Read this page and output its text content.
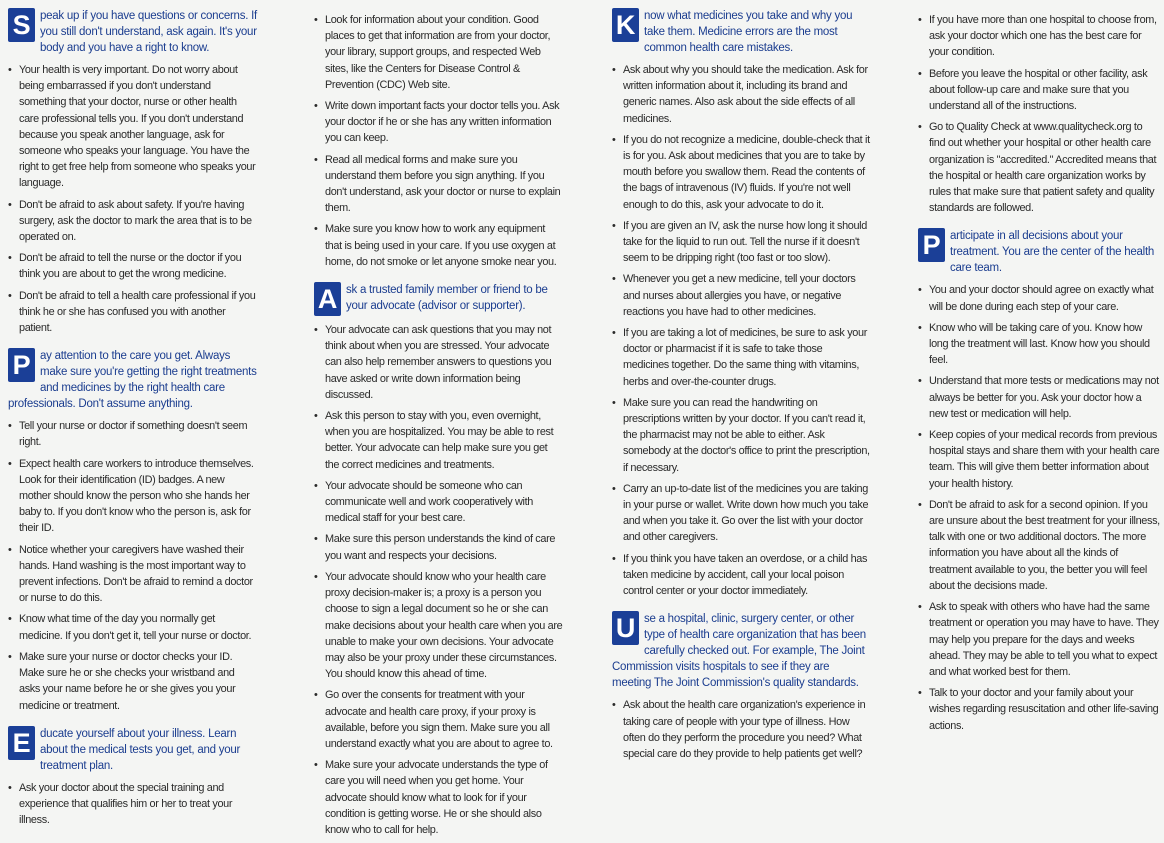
S peak up if you have questions or concerns. If you still don't understand, ask again. It's your body and you have a right to know.
• Your health is very important. Do not worry about being embarrassed if you don't understand something that your doctor, nurse or other health care professional tells you. If you don't understand because you speak another language, ask for someone who speaks your language. You have the right to get free help from someone who speaks your language.
• Don't be afraid to ask about safety. If you're having surgery, ask the doctor to mark the area that is to be operated on.
• Don't be afraid to tell the nurse or the doctor if you think you are about to get the wrong medicine.
• Don't be afraid to tell a health care professional if you think he or she has confused you with another patient.
P ay attention to the care you get. Always make sure you're getting the right treatments and medicines by the right health care professionals. Don't assume anything.
• Tell your nurse or doctor if something doesn't seem right.
• Expect health care workers to introduce themselves. Look for their identification (ID) badges. A new mother should know the person who she hands her baby to. If you don't know who the person is, ask for their ID.
• Notice whether your caregivers have washed their hands. Hand washing is the most important way to prevent infections. Don't be afraid to remind a doctor or nurse to do this.
• Know what time of the day you normally get medicine. If you don't get it, tell your nurse or doctor.
• Make sure your nurse or doctor checks your ID. Make sure he or she checks your wristband and asks your name before he or she gives you your medicine or treatment.
E ducate yourself about your illness. Learn about the medical tests you get, and your treatment plan.
• Ask your doctor about the special training and experience that qualifies him or her to treat your illness.
• Look for information about your condition. Good places to get that information are from your doctor, your library, support groups, and respected Web sites, like the Centers for Disease Control & Prevention (CDC) Web site.
• Write down important facts your doctor tells you. Ask your doctor if he or she has any written information you can keep.
• Read all medical forms and make sure you understand them before you sign anything. If you don't understand, ask your doctor or nurse to explain them.
• Make sure you know how to work any equipment that is being used in your care. If you use oxygen at home, do not smoke or let anyone smoke near you.
A sk a trusted family member or friend to be your advocate (advisor or supporter).
• Your advocate can ask questions that you may not think about when you are stressed. Your advocate can also help remember answers to questions you have asked or write down information being discussed.
• Ask this person to stay with you, even overnight, when you are hospitalized. You may be able to rest better. Your advocate can help make sure you get the correct medicines and treatments.
• Your advocate should be someone who can communicate well and work cooperatively with medical staff for your best care.
• Make sure this person understands the kind of care you want and respects your decisions.
• Your advocate should know who your health care proxy decision-maker is; a proxy is a person you choose to sign a legal document so he or she can make decisions about your health care when you are unable to make your own decisions. Your advocate may also be your proxy under these circumstances. You should know this ahead of time.
• Go over the consents for treatment with your advocate and health care proxy, if your proxy is available, before you sign them. Make sure you all understand exactly what you are about to agree to.
• Make sure your advocate understands the type of care you will need when you get home. Your advocate should know what to look for if your condition is getting worse. He or she should also know who to call for help.
K now what medicines you take and why you take them. Medicine errors are the most common health care mistakes.
• Ask about why you should take the medication. Ask for written information about it, including its brand and generic names. Also ask about the side effects of all medicines.
• If you do not recognize a medicine, double-check that it is for you. Ask about medicines that you are to take by mouth before you swallow them. Read the contents of the bags of intravenous (IV) fluids. If you're not well enough to do this, ask your advocate to do it.
• If you are given an IV, ask the nurse how long it should take for the liquid to run out. Tell the nurse if it doesn't seem to be dripping right (too fast or too slow).
• Whenever you get a new medicine, tell your doctors and nurses about allergies you have, or negative reactions you have had to other medicines.
• If you are taking a lot of medicines, be sure to ask your doctor or pharmacist if it is safe to take those medicines together. Do the same thing with vitamins, herbs and over-the-counter drugs.
• Make sure you can read the handwriting on prescriptions written by your doctor. If you can't read it, the pharmacist may not be able to either. Ask somebody at the doctor's office to print the prescription, if necessary.
• Carry an up-to-date list of the medicines you are taking in your purse or wallet. Write down how much you take and when you take it. Go over the list with your doctor and other caregivers.
• If you think you have taken an overdose, or a child has taken medicine by accident, call your local poison control center or your doctor immediately.
U se a hospital, clinic, surgery center, or other type of health care organization that has been carefully checked out. For example, The Joint Commission visits hospitals to see if they are meeting The Joint Commission's quality standards.
• Ask about the health care organization's experience in taking care of people with your type of illness. How often do they perform the procedure you need? What special care do they provide to help patients get well?
• If you have more than one hospital to choose from, ask your doctor which one has the best care for your condition.
• Before you leave the hospital or other facility, ask about follow-up care and make sure that you understand all of the instructions.
• Go to Quality Check at www.qualitycheck.org to find out whether your hospital or other health care organization is "accredited." Accredited means that the hospital or health care organization works by rules that make sure that patient safety and quality standards are followed.
P articipate in all decisions about your treatment. You are the center of the health care team.
• You and your doctor should agree on exactly what will be done during each step of your care.
• Know who will be taking care of you. Know how long the treatment will last. Know how you should feel.
• Understand that more tests or medications may not always be better for you. Ask your doctor how a new test or medication will help.
• Keep copies of your medical records from previous hospital stays and share them with your health care team. This will give them better information about your health history.
• Don't be afraid to ask for a second opinion. If you are unsure about the best treatment for your illness, talk with one or two additional doctors. The more information you have about all the kinds of treatment available to you, the better you will feel about the decisions made.
• Ask to speak with others who have had the same treatment or operation you may have to have. They may help you prepare for the days and weeks ahead. They may be able to tell you what to expect and what worked best for them.
• Talk to your doctor and your family about your wishes regarding resuscitation and other life-saving actions.
